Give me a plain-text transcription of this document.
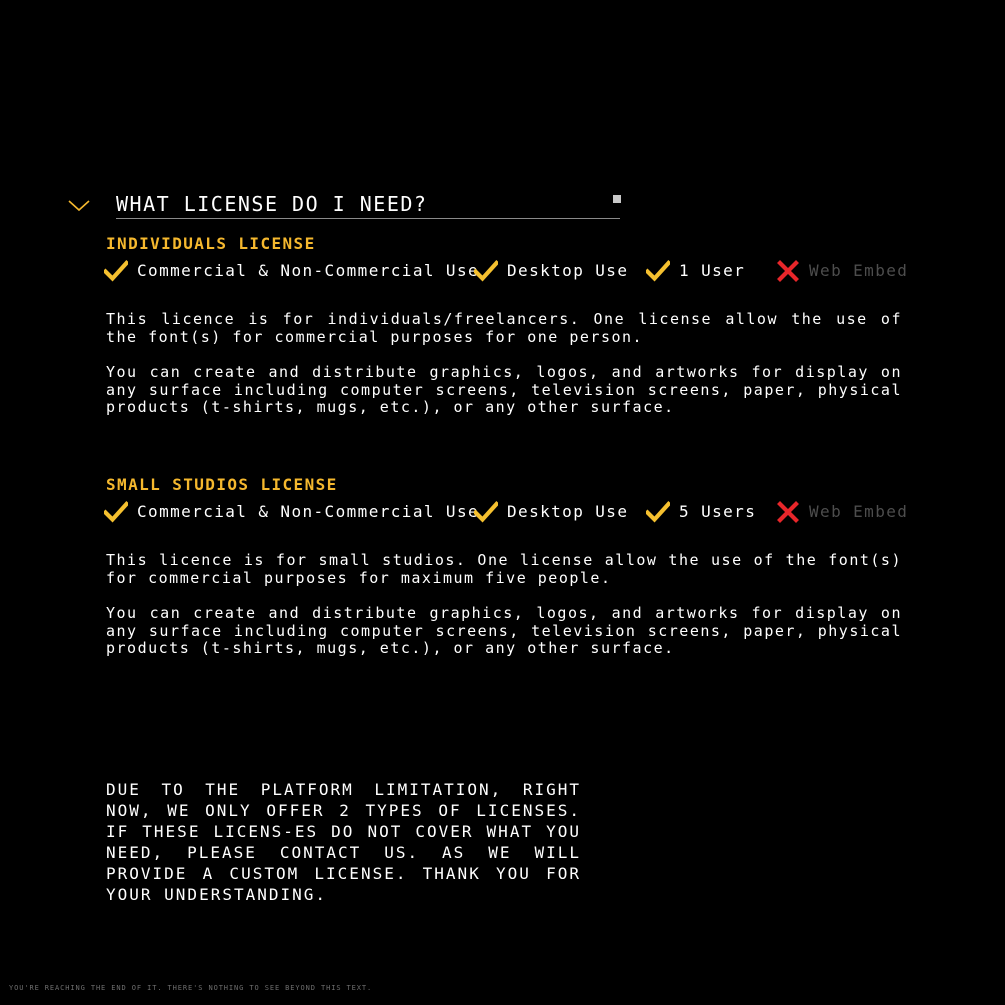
WHAT LICENSE DO I NEED?
INDIVIDUALS LICENSE
Commercial & Non-Commercial Use Desktop Use	1 User	Web Embed

This licence is for individuals/freelancers. One license allow the use of the font(s) for commercial purposes for one person.

You can create and distribute graphics, logos, and artworks for display on any surface including computer screens, television screens, paper, physical products (t-shirts, mugs, etc.), or any other surface.

SMALL STUDIOS LICENSE
Commercial & Non-Commercial Use Desktop Use	5 Users	Web Embed

This licence is for small studios. One license allow the use of the font(s) for commercial purposes for maximum five people.

You can create and distribute graphics, logos, and artworks for display on any surface including computer screens, television screens, paper, physical products (t-shirts, mugs, etc.), or any other surface.

DUE TO THE PLATFORM LIMITATION, RIGHT NOW, WE ONLY OFFER 2 TYPES OF LICENSES. IF THESE LICENS-ES DO NOT COVER WHAT YOU NEED, PLEASE CONTACT US. AS WE WILL PROVIDE A CUSTOM LICENSE. THANK YOU FOR YOUR UNDERSTANDING.

YOU'RE REACHING THE END OF IT. THERE'S NOTHING TO SEE BEYOND THIS TEXT.
